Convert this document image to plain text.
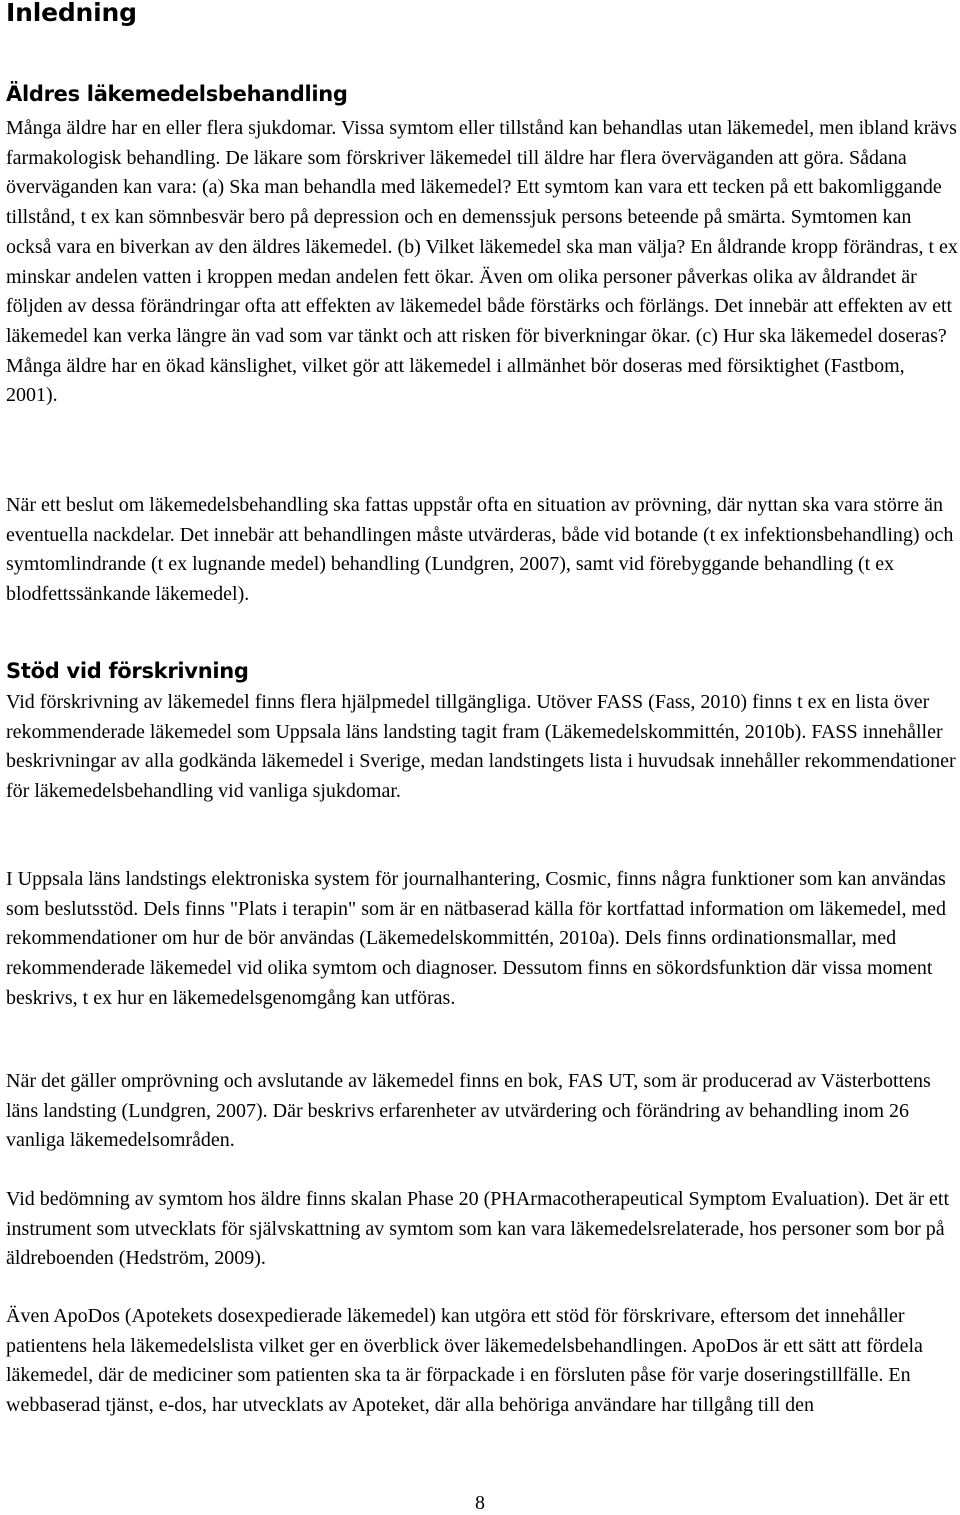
Inledning
Äldres läkemedelsbehandling

Många äldre har en eller flera sjukdomar. Vissa symtom eller tillstånd kan behandlas utan läkemedel, men ibland krävs farmakologisk behandling. De läkare som förskriver läkemedel till äldre har flera överväganden att göra. Sådana överväganden kan vara: (a) Ska man behandla med läkemedel? Ett symtom kan vara ett tecken på ett bakomliggande tillstånd, t ex kan sömnbesvär bero på depression och en demenssjuk persons beteende på smärta. Symtomen kan också vara en biverkan av den äldres läkemedel. (b) Vilket läkemedel ska man välja? En åldrande kropp förändras, t ex minskar andelen vatten i kroppen medan andelen fett ökar. Även om olika personer påverkas olika av åldrandet är följden av dessa förändringar ofta att effekten av läkemedel både förstärks och förlängs. Det innebär att effekten av ett läkemedel kan verka längre än vad som var tänkt och att risken för biverkningar ökar. (c) Hur ska läkemedel doseras? Många äldre har en ökad känslighet, vilket gör att läkemedel i allmänhet bör doseras med försiktighet (Fastbom, 2001).

När ett beslut om läkemedelsbehandling ska fattas uppstår ofta en situation av prövning, där nyttan ska vara större än eventuella nackdelar. Det innebär att behandlingen måste utvärderas, både vid botande (t ex infektionsbehandling) och symtomlindrande (t ex lugnande medel) behandling (Lundgren, 2007), samt vid förebyggande behandling (t ex blodfettssänkande läkemedel).

Stöd vid förskrivning

Vid förskrivning av läkemedel finns flera hjälpmedel tillgängliga. Utöver FASS (Fass, 2010) finns t ex en lista över rekommenderade läkemedel som Uppsala läns landsting tagit fram (Läkemedelskommittén, 2010b). FASS innehåller beskrivningar av alla godkända läkemedel i Sverige, medan landstingets lista i huvudsak innehåller rekommendationer för läkemedelsbehandling vid vanliga sjukdomar.

I Uppsala läns landstings elektroniska system för journalhantering, Cosmic, finns några funktioner som kan användas som beslutsstöd. Dels finns "Plats i terapin" som är en nätbaserad källa för kortfattad information om läkemedel, med rekommendationer om hur de bör användas (Läkemedelskommittén, 2010a). Dels finns ordinationsmallar, med rekommenderade läkemedel vid olika symtom och diagnoser. Dessutom finns en sökordsfunktion där vissa moment beskrivs, t ex hur en läkemedelsgenomgång kan utföras.

När det gäller omprövning och avslutande av läkemedel finns en bok, FAS UT, som är producerad av Västerbottens läns landsting (Lundgren, 2007). Där beskrivs erfarenheter av utvärdering och förändring av behandling inom 26 vanliga läkemedelsområden.

Vid bedömning av symtom hos äldre finns skalan Phase 20 (PHArmacotherapeutical Symptom Evaluation). Det är ett instrument som utvecklats för självskattning av symtom som kan vara läkemedelsrelaterade, hos personer som bor på äldreboenden (Hedström, 2009).

Även ApoDos (Apotekets dosexpedierade läkemedel) kan utgöra ett stöd för förskrivare, eftersom det innehåller patientens hela läkemedelslista vilket ger en överblick över läkemedelsbehandlingen. ApoDos är ett sätt att fördela läkemedel, där de mediciner som patienten ska ta är förpackade i en försluten påse för varje doseringstillfälle. En webbaserad tjänst, e-dos, har utvecklats av Apoteket, där alla behöriga användare har tillgång till den

8
